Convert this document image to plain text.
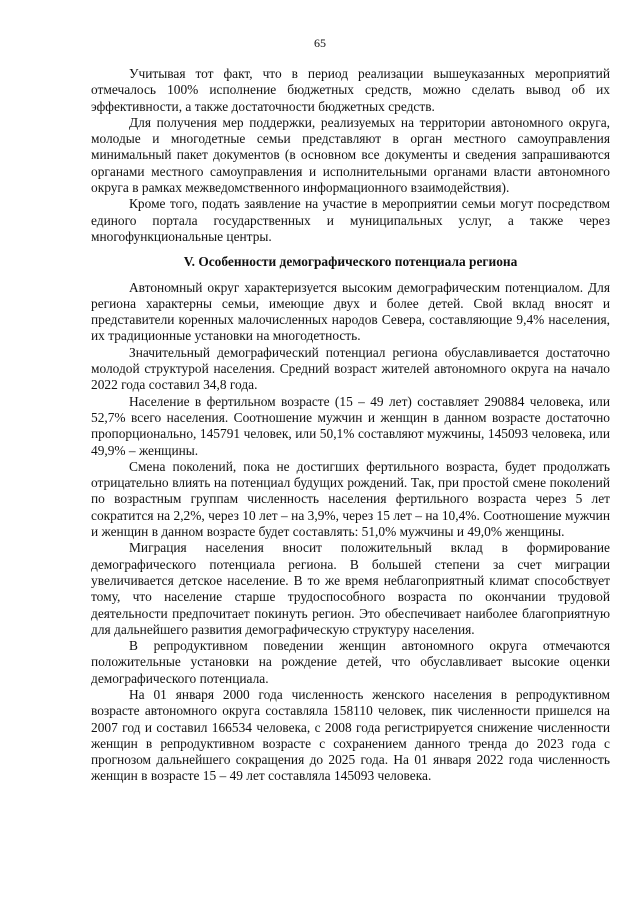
65

Учитывая тот факт, что в период реализации вышеуказанных мероприятий отмечалось 100% исполнение бюджетных средств, можно сделать вывод об их эффективности, а также достаточности бюджетных средств.

Для получения мер поддержки, реализуемых на территории автономного округа, молодые и многодетные семьи представляют в орган местного самоуправления минимальный пакет документов (в основном все документы и сведения запрашиваются органами местного самоуправления и исполнительными органами власти автономного округа в рамках межведомственного информационного взаимодействия).

Кроме того, подать заявление на участие в мероприятии семьи могут посредством единого портала государственных и муниципальных услуг, а также через многофункциональные центры.

V. Особенности демографического потенциала региона

Автономный округ характеризуется высоким демографическим потенциалом. Для региона характерны семьи, имеющие двух и более детей. Свой вклад вносят и представители коренных малочисленных народов Севера, составляющие 9,4% населения, их традиционные установки на многодетность.

Значительный демографический потенциал региона обуславливается достаточно молодой структурой населения. Средний возраст жителей автономного округа на начало 2022 года составил 34,8 года.

Население в фертильном возрасте (15 – 49 лет) составляет 290884 человека, или 52,7% всего населения. Соотношение мужчин и женщин в данном возрасте достаточно пропорционально, 145791 человек, или 50,1% составляют мужчины, 145093 человека, или 49,9% – женщины.

Смена поколений, пока не достигших фертильного возраста, будет продолжать отрицательно влиять на потенциал будущих рождений. Так, при простой смене поколений по возрастным группам численность населения фертильного возраста через 5 лет сократится на 2,2%, через 10 лет – на 3,9%, через 15 лет – на 10,4%. Соотношение мужчин и женщин в данном возрасте будет составлять: 51,0% мужчины и 49,0% женщины.

Миграция населения вносит положительный вклад в формирование демографического потенциала региона. В большей степени за счет миграции увеличивается детское население. В то же время неблагоприятный климат способствует тому, что население старше трудоспособного возраста по окончании трудовой деятельности предпочитает покинуть регион. Это обеспечивает наиболее благоприятную для дальнейшего развития демографическую структуру населения.

В репродуктивном поведении женщин автономного округа отмечаются положительные установки на рождение детей, что обуславливает высокие оценки демографического потенциала.

На 01 января 2000 года численность женского населения в репродуктивном возрасте автономного округа составляла 158110 человек, пик численности пришелся на 2007 год и составил 166534 человека, с 2008 года регистрируется снижение численности женщин в репродуктивном возрасте с сохранением данного тренда до 2023 года с прогнозом дальнейшего сокращения до 2025 года. На 01 января 2022 года численность женщин в возрасте 15 – 49 лет составляла 145093 человека.
